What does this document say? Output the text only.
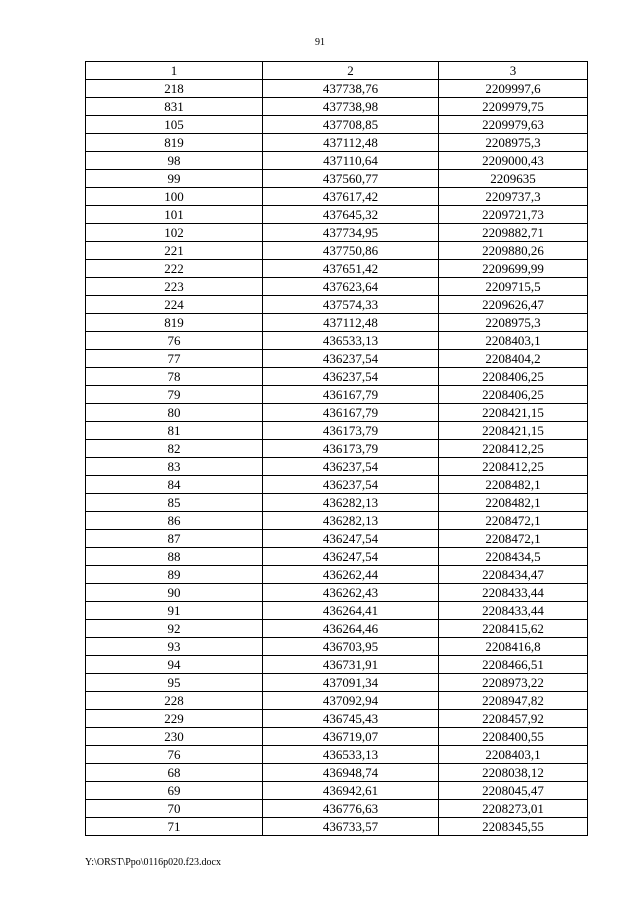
91
1	2	3
218	437738,76	2209997,6
831	437738,98	2209979,75
105	437708,85	2209979,63
819	437112,48	2208975,3
98	437110,64	2209000,43
99	437560,77	2209635
100	437617,42	2209737,3
101	437645,32	2209721,73
102	437734,95	2209882,71
221	437750,86	2209880,26
222	437651,42	2209699,99
223	437623,64	2209715,5
224	437574,33	2209626,47
819	437112,48	2208975,3
76	436533,13	2208403,1
77	436237,54	2208404,2
78	436237,54	2208406,25
79	436167,79	2208406,25
80	436167,79	2208421,15
81	436173,79	2208421,15
82	436173,79	2208412,25
83	436237,54	2208412,25
84	436237,54	2208482,1
85	436282,13	2208482,1
86	436282,13	2208472,1
87	436247,54	2208472,1
88	436247,54	2208434,5
89	436262,44	2208434,47
90	436262,43	2208433,44
91	436264,41	2208433,44
92	436264,46	2208415,62
93	436703,95	2208416,8
94	436731,91	2208466,51
95	437091,34	2208973,22
228	437092,94	2208947,82
229	436745,43	2208457,92
230	436719,07	2208400,55
76	436533,13	2208403,1
68	436948,74	2208038,12
69	436942,61	2208045,47
70	436776,63	2208273,01
71	436733,57	2208345,55
Y:\ORST\Ppo\0116p020.f23.docx
